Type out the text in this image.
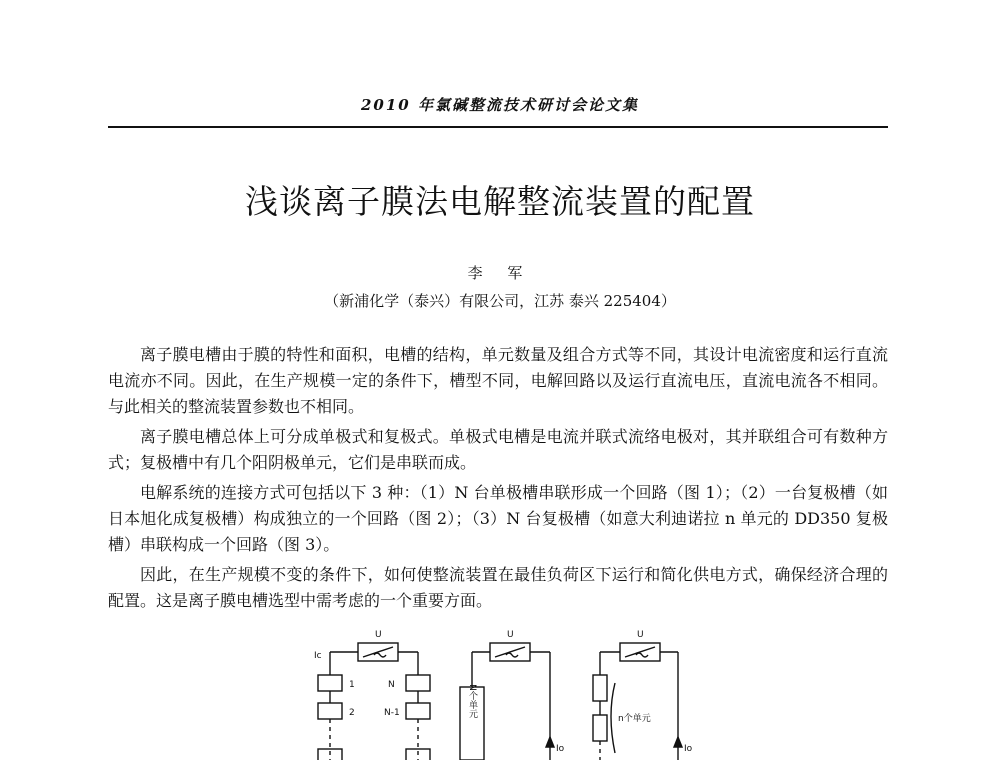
2010 年氯碱整流技术研讨会论文集
浅谈离子膜法电解整流装置的配置
李 军
（新浦化学（泰兴）有限公司，江苏 泰兴 225404）

离子膜电槽由于膜的特性和面积，电槽的结构，单元数量及组合方式等不同，其设计电流密度和运行直流电流亦不同。因此，在生产规模一定的条件下，槽型不同，电解回路以及运行直流电压，直流电流各不相同。与此相关的整流装置参数也不相同。

离子膜电槽总体上可分成单极式和复极式。单极式电槽是电流并联式流络电极对，其并联组合可有数种方式；复极槽中有几个阳阴极单元，它们是串联而成。

电解系统的连接方式可包括以下 3 种：（1）N 台单极槽串联形成一个回路（图 1）；（2）一台复极槽（如日本旭化成复极槽）构成独立的一个回路（图 2）；（3）N 台复极槽（如意大利迪诺拉 n 单元的 DD350 复极槽）串联构成一个回路（图 3）。

因此，在生产规模不变的条件下，如何使整流装置在最佳负荷区下运行和简化供电方式，确保经济合理的配置。这是离子膜电槽选型中需考虑的一个重要方面。

U
Ic
1	N
2	N-1
U
Io
N个单元
U
Io
n个单元
